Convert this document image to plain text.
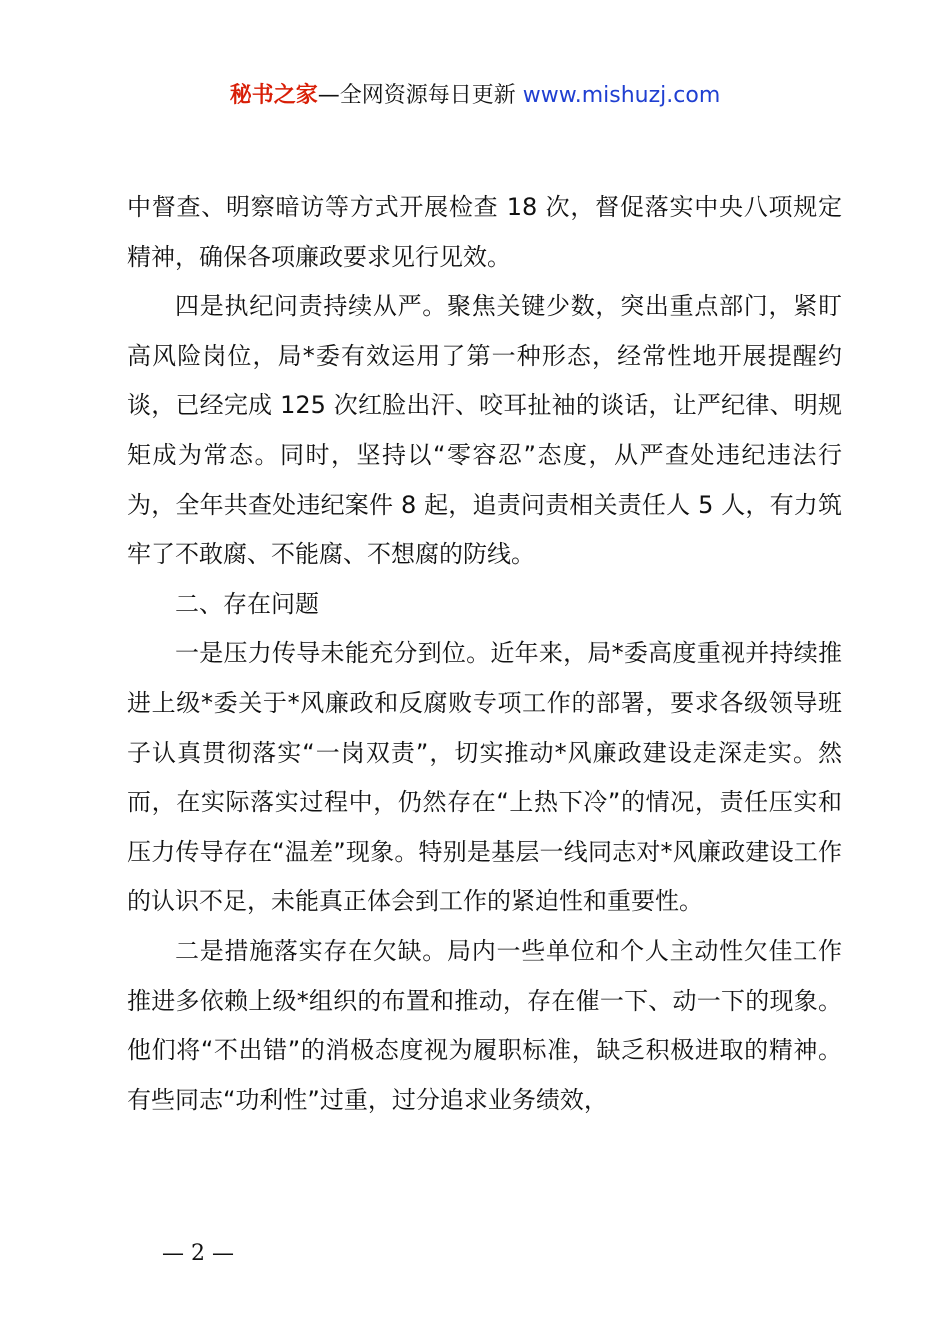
秘书之家—全网资源每日更新 www.mishuzj.com

中督查、明察暗访等方式开展检查 18 次，督促落实中央八项规定精神，确保各项廉政要求见行见效。

四是执纪问责持续从严。聚焦关键少数，突出重点部门，紧盯高风险岗位，局*委有效运用了第一种形态，经常性地开展提醒约谈，已经完成 125 次红脸出汗、咬耳扯袖的谈话，让严纪律、明规矩成为常态。同时，坚持以“零容忍”态度，从严查处违纪违法行为，全年共查处违纪案件 8 起，追责问责相关责任人 5 人，有力筑牢了不敢腐、不能腐、不想腐的防线。

二、存在问题

一是压力传导未能充分到位。近年来，局*委高度重视并持续推进上级*委关于*风廉政和反腐败专项工作的部署，要求各级领导班子认真贯彻落实“一岗双责”，切实推动*风廉政建设走深走实。然而，在实际落实过程中，仍然存在“上热下冷”的情况，责任压实和压力传导存在“温差”现象。特别是基层一线同志对*风廉政建设工作的认识不足，未能真正体会到工作的紧迫性和重要性。

二是措施落实存在欠缺。局内一些单位和个人主动性欠佳工作推进多依赖上级*组织的布置和推动，存在催一下、动一下的现象。他们将“不出错”的消极态度视为履职标准，缺乏积极进取的精神。有些同志“功利性”过重，过分追求业务绩效，

— 2 —
